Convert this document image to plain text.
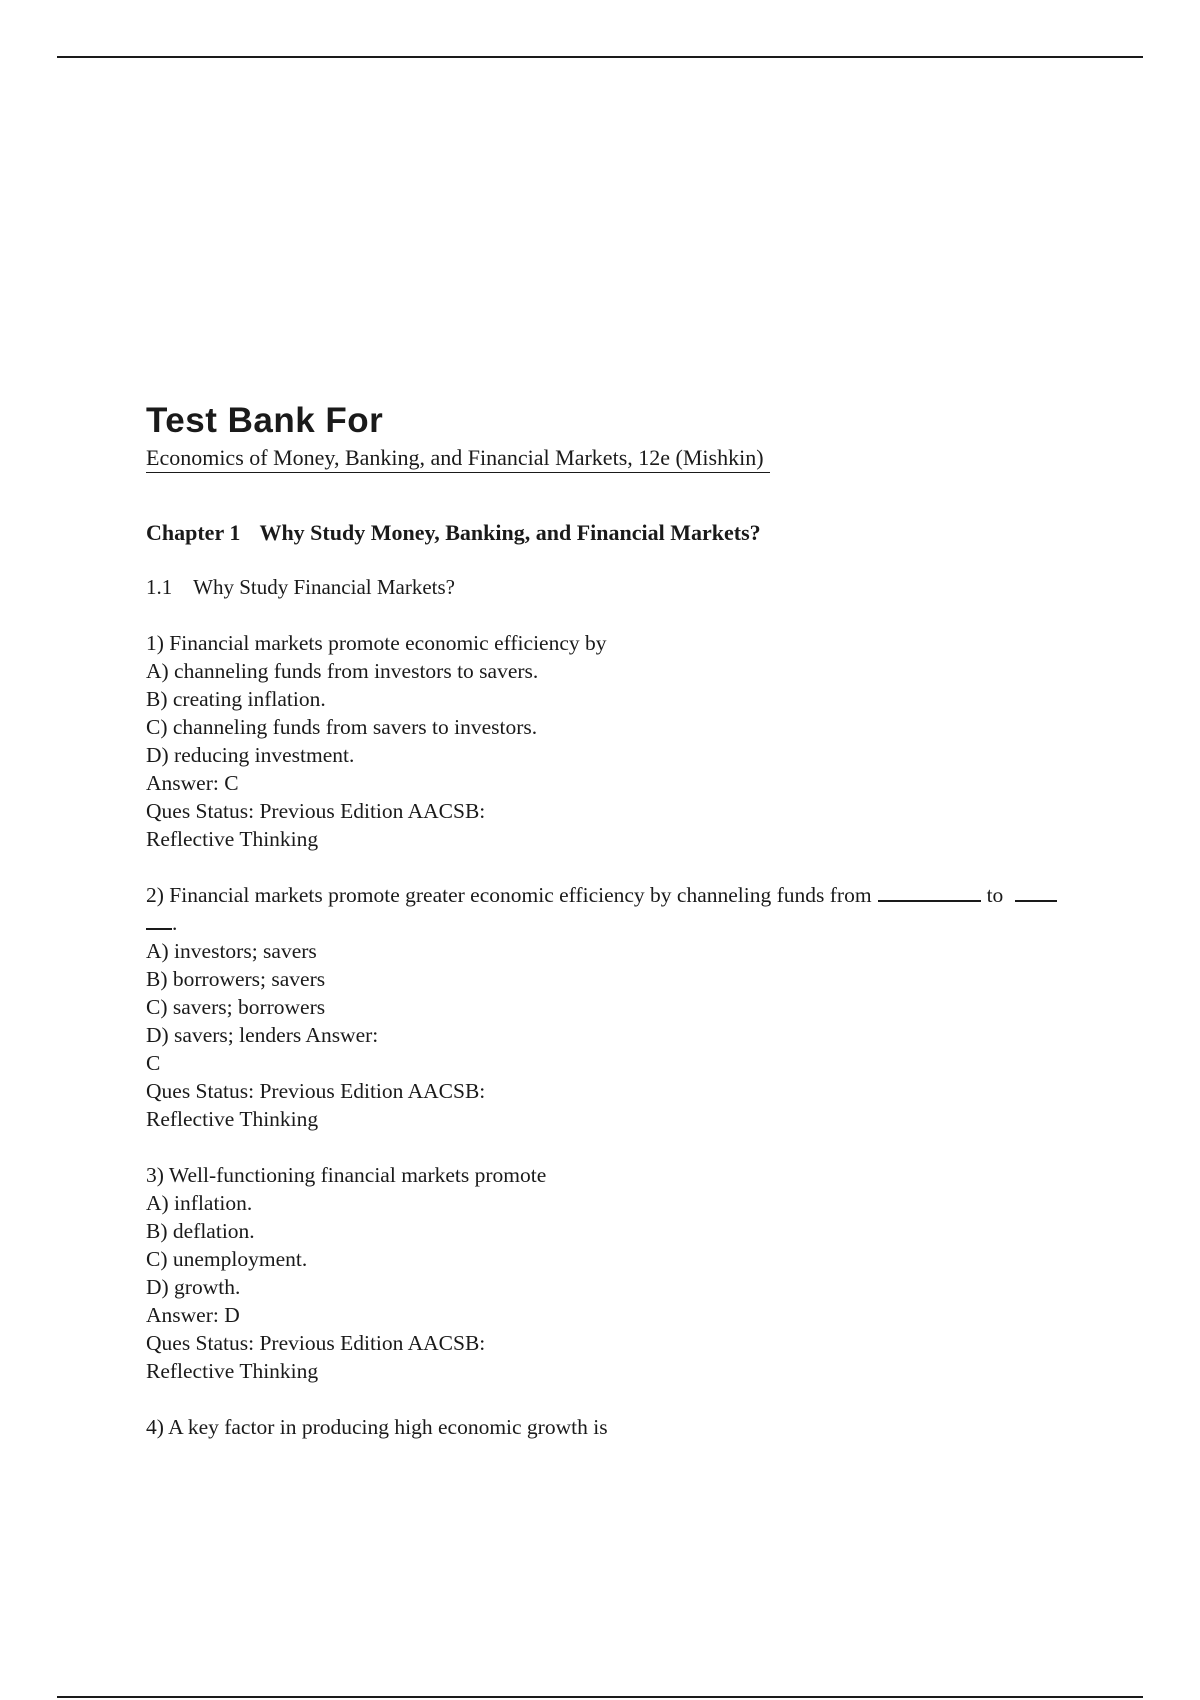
Test Bank For

Economics of Money, Banking, and Financial Markets, 12e (Mishkin)

Chapter 1 Why Study Money, Banking, and Financial Markets?

1.1 Why Study Financial Markets?

1) Financial markets promote economic efficiency by
A) channeling funds from investors to savers.
B) creating inflation.
C) channeling funds from savers to investors.
D) reducing investment.
Answer: C
Ques Status: Previous Edition AACSB:
Reflective Thinking
2) Financial markets promote greater economic efficiency by channeling funds from	to
.
A) investors; savers
B) borrowers; savers
C) savers; borrowers
D) savers; lenders Answer:
C
Ques Status: Previous Edition AACSB:
Reflective Thinking
3) Well-functioning financial markets promote
A) inflation.
B) deflation.
C) unemployment.
D) growth.
Answer: D
Ques Status: Previous Edition AACSB:
Reflective Thinking
4) A key factor in producing high economic growth is
